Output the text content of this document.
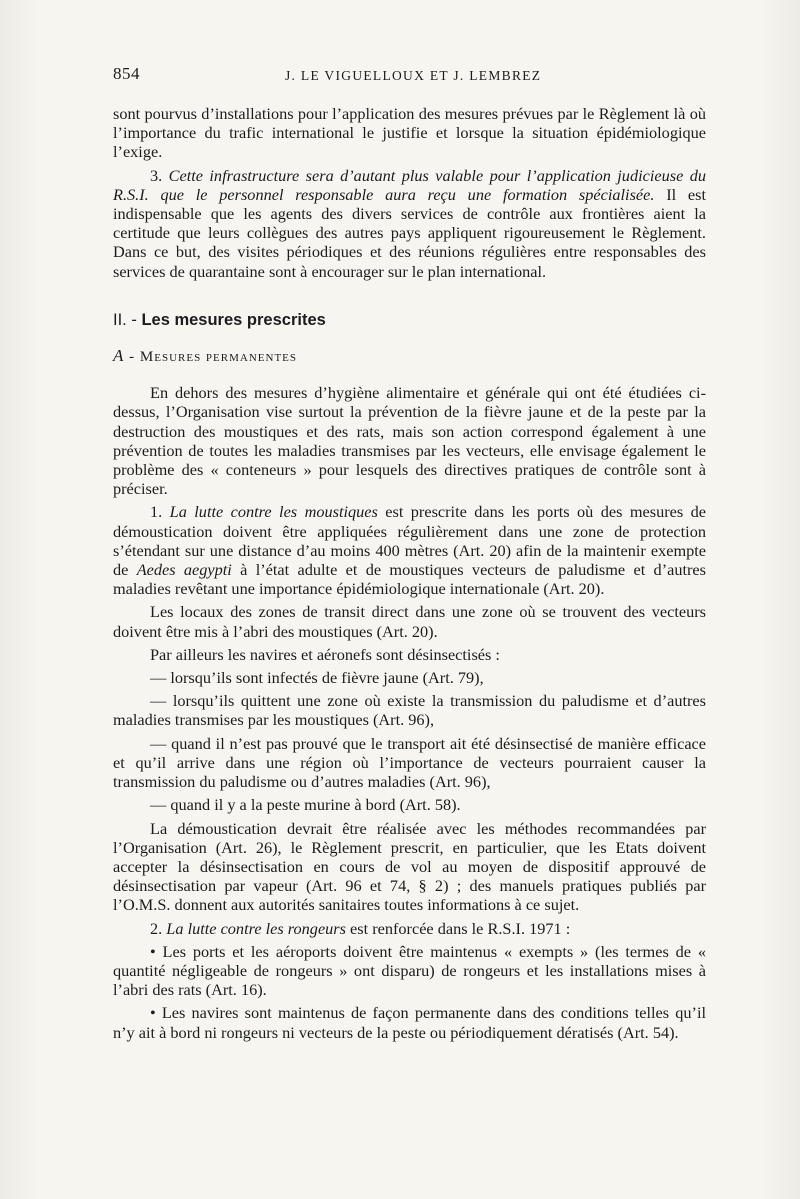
854	J. LE VIGUELLOUX ET J. LEMBREZ

sont pourvus d’installations pour l’application des mesures prévues par le Règlement là où l’importance du trafic international le justifie et lorsque la situation épidémiologique l’exige.

3. Cette infrastructure sera d’autant plus valable pour l’application judicieuse du R.S.I. que le personnel responsable aura reçu une formation spécialisée. Il est indispensable que les agents des divers services de contrôle aux frontières aient la certitude que leurs collègues des autres pays appliquent rigoureusement le Règlement. Dans ce but, des visites périodiques et des réunions régulières entre responsables des services de quarantaine sont à encourager sur le plan international.

II. - Les mesures prescrites
A - Mesures permanentes

En dehors des mesures d’hygiène alimentaire et générale qui ont été étudiées ci-dessus, l’Organisation vise surtout la prévention de la fièvre jaune et de la peste par la destruction des moustiques et des rats, mais son action correspond également à une prévention de toutes les maladies transmises par les vecteurs, elle envisage également le problème des « conteneurs » pour lesquels des directives pratiques de contrôle sont à préciser.

1. La lutte contre les moustiques est prescrite dans les ports où des mesures de démoustication doivent être appliquées régulièrement dans une zone de protection s’étendant sur une distance d’au moins 400 mètres (Art. 20) afin de la maintenir exempte de Aedes aegypti à l’état adulte et de moustiques vecteurs de paludisme et d’autres maladies revêtant une importance épidémiologique internationale (Art. 20).

Les locaux des zones de transit direct dans une zone où se trouvent des vecteurs doivent être mis à l’abri des moustiques (Art. 20).

Par ailleurs les navires et aéronefs sont désinsectisés :

— lorsqu’ils sont infectés de fièvre jaune (Art. 79),

— lorsqu’ils quittent une zone où existe la transmission du paludisme et d’autres maladies transmises par les moustiques (Art. 96),

— quand il n’est pas prouvé que le transport ait été désinsectisé de manière efficace et qu’il arrive dans une région où l’importance de vecteurs pourraient causer la transmission du paludisme ou d’autres maladies (Art. 96),

— quand il y a la peste murine à bord (Art. 58).

La démoustication devrait être réalisée avec les méthodes recommandées par l’Organisation (Art. 26), le Règlement prescrit, en particulier, que les Etats doivent accepter la désinsectisation en cours de vol au moyen de dispositif approuvé de désinsectisation par vapeur (Art. 96 et 74, § 2) ; des manuels pratiques publiés par l’O.M.S. donnent aux autorités sanitaires toutes informations à ce sujet.

2. La lutte contre les rongeurs est renforcée dans le R.S.I. 1971 :

• Les ports et les aéroports doivent être maintenus « exempts » (les termes de « quantité négligeable de rongeurs » ont disparu) de rongeurs et les installations mises à l’abri des rats (Art. 16).

• Les navires sont maintenus de façon permanente dans des conditions telles qu’il n’y ait à bord ni rongeurs ni vecteurs de la peste ou périodiquement dératisés (Art. 54).
